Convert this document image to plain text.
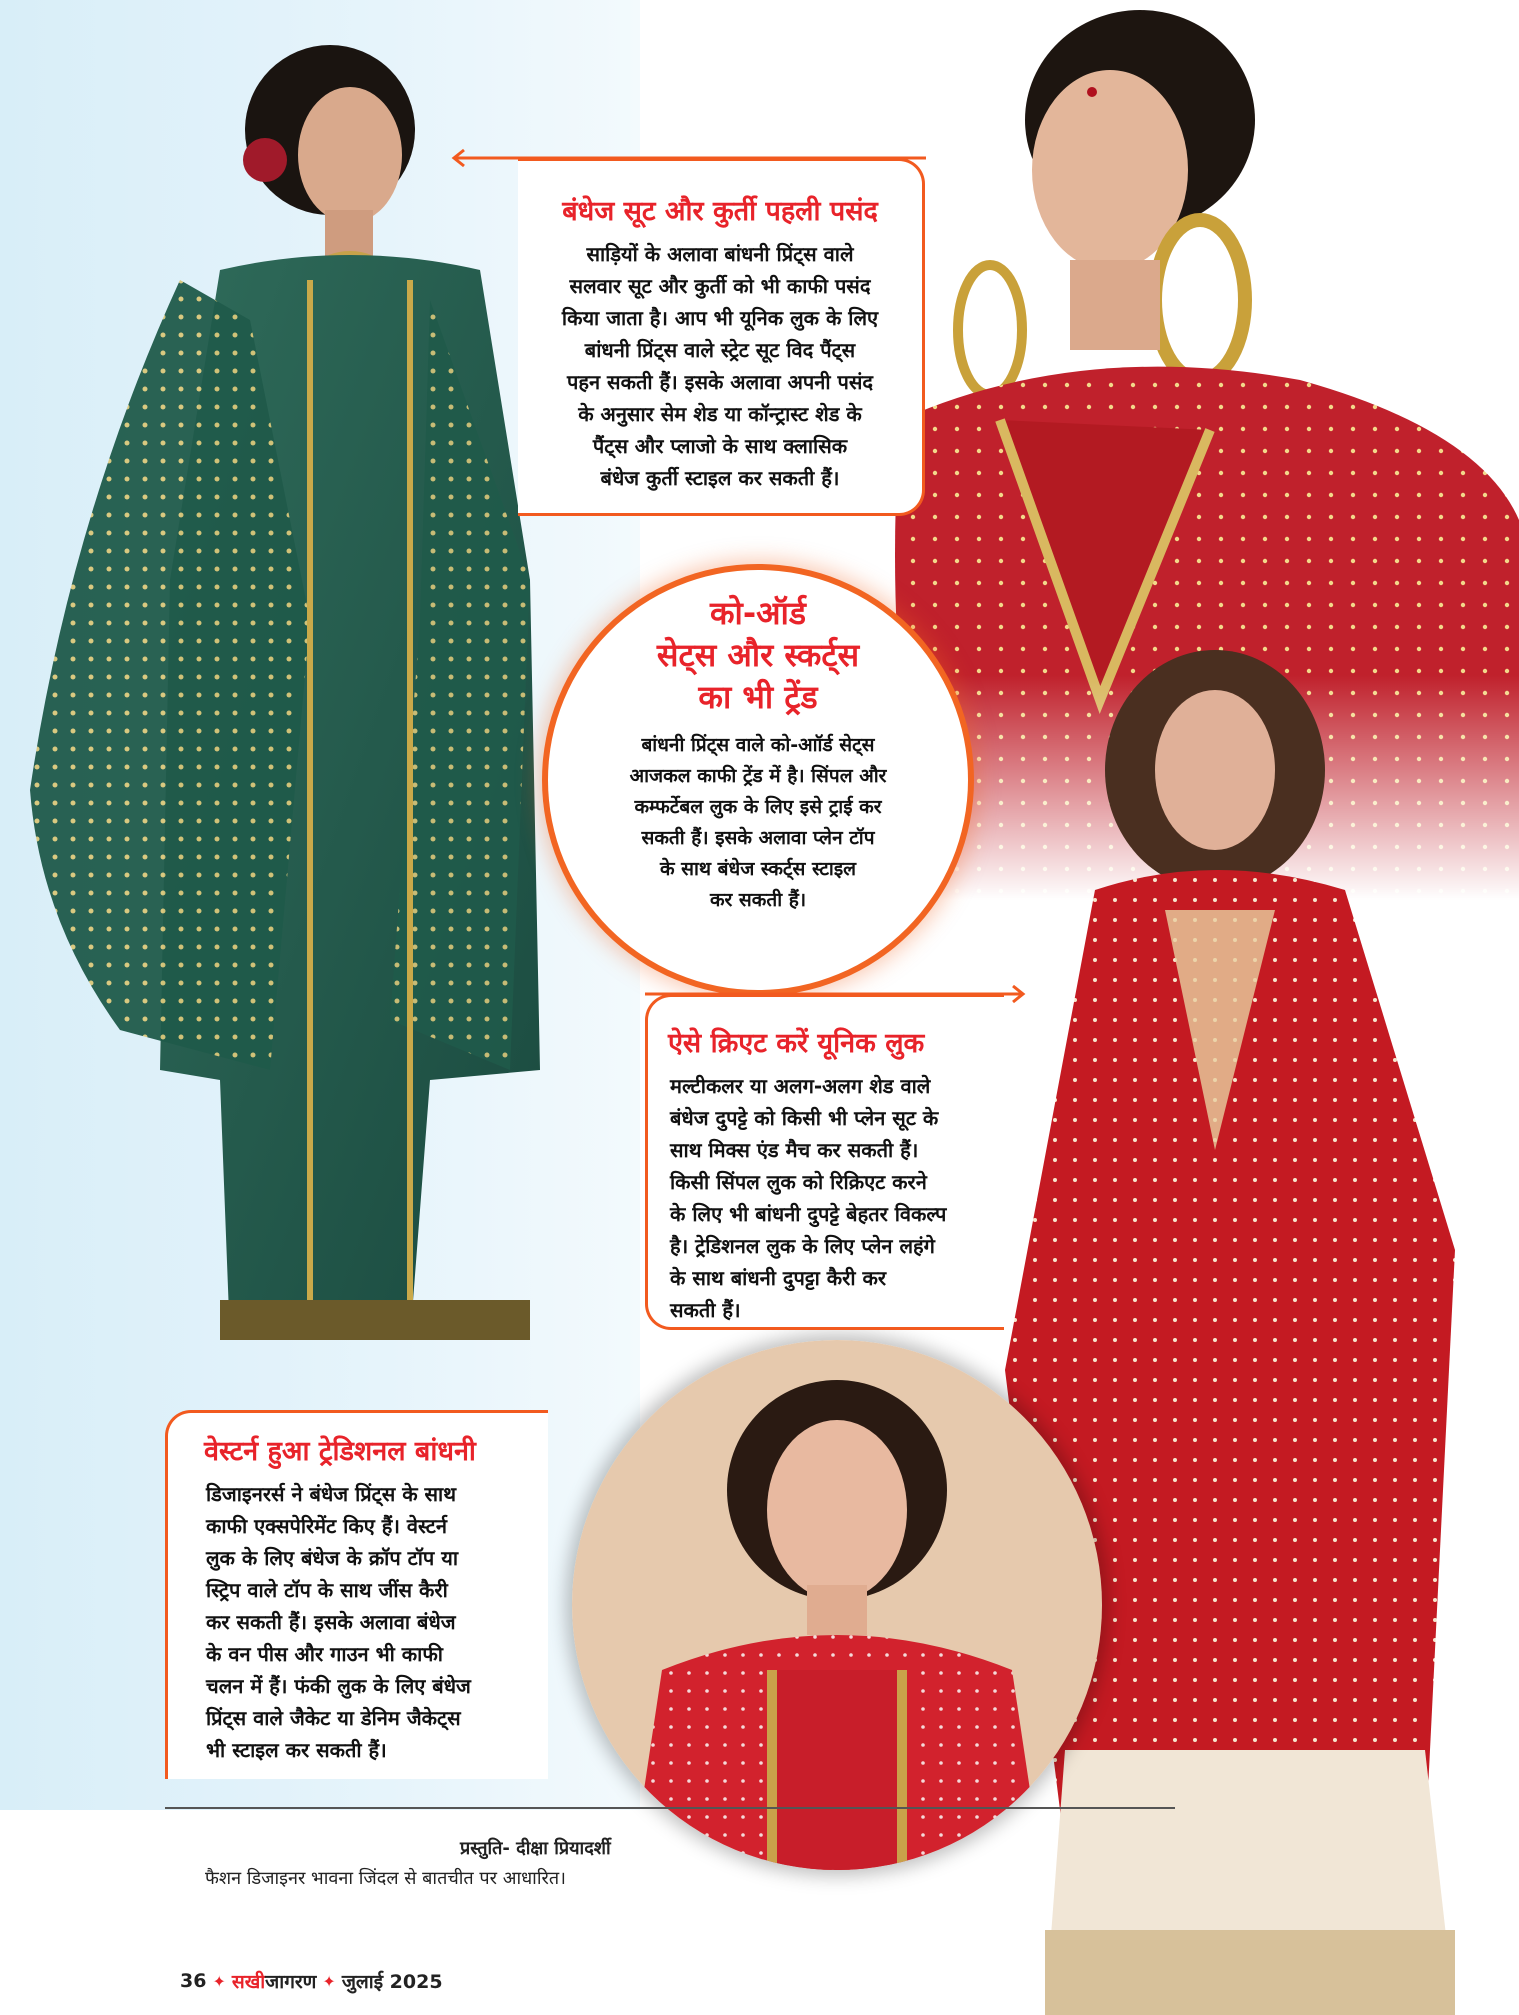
बंधेज सूट और कुर्ती पहली पसंद

साड़ियों के अलावा बांधनी प्रिंट्स वाले

सलवार सूट और कुर्ती को भी काफी पसंद

किया जाता है। आप भी यूनिक लुक के लिए

बांधनी प्रिंट्स वाले स्ट्रेट सूट विद पैंट्स

पहन सकती हैं। इसके अलावा अपनी पसंद

के अनुसार सेम शेड या कॉन्ट्रास्ट शेड के

पैंट्स और प्लाजो के साथ क्लासिक

बंधेज कुर्ती स्टाइल कर सकती हैं।

को-ऑर्ड
सेट्स और स्कर्ट्स
का भी ट्रेंड

बांधनी प्रिंट्स वाले को-आॉर्ड सेट्स
आजकल काफी ट्रेंड में है। सिंपल और
कम्फर्टेबल लुक के लिए इसे ट्राई कर
सकती हैं। इसके अलावा प्लेन टॉप
के साथ बंधेज स्कर्ट्स स्टाइल
कर सकती हैं।

ऐसे क्रिएट करें यूनिक लुक

मल्टीकलर या अलग-अलग शेड वाले

बंधेज दुपट्टे को किसी भी प्लेन सूट के

साथ मिक्स एंड मैच कर सकती हैं।

किसी सिंपल लुक को रिक्रिएट करने

के लिए भी बांधनी दुपट्टे बेहतर विकल्प

है। ट्रेडिशनल लुक के लिए प्लेन लहंगे

के साथ बांधनी दुपट्टा कैरी कर

सकती हैं।

वेस्टर्न हुआ ट्रेडिशनल बांधनी

डिजाइनरर्स ने बंधेज प्रिंट्स के साथ

काफी एक्सपेरिमेंट किए हैं। वेस्टर्न

लुक के लिए बंधेज के क्रॉप टॉप या

स्ट्रिप वाले टॉप के साथ जींस कैरी

कर सकती हैं। इसके अलावा बंधेज

के वन पीस और गाउन भी काफी

चलन में हैं। फंकी लुक के लिए बंधेज

प्रिंट्स वाले जैकेट या डेनिम जैकेट्स

भी स्टाइल कर सकती हैं।

प्रस्तुति- दीक्षा प्रियादर्शी
फैशन डिजाइनर भावना जिंदल से बातचीत पर आधारित।
36 ✦ सखीजागरण ✦ जुलाई 2025
